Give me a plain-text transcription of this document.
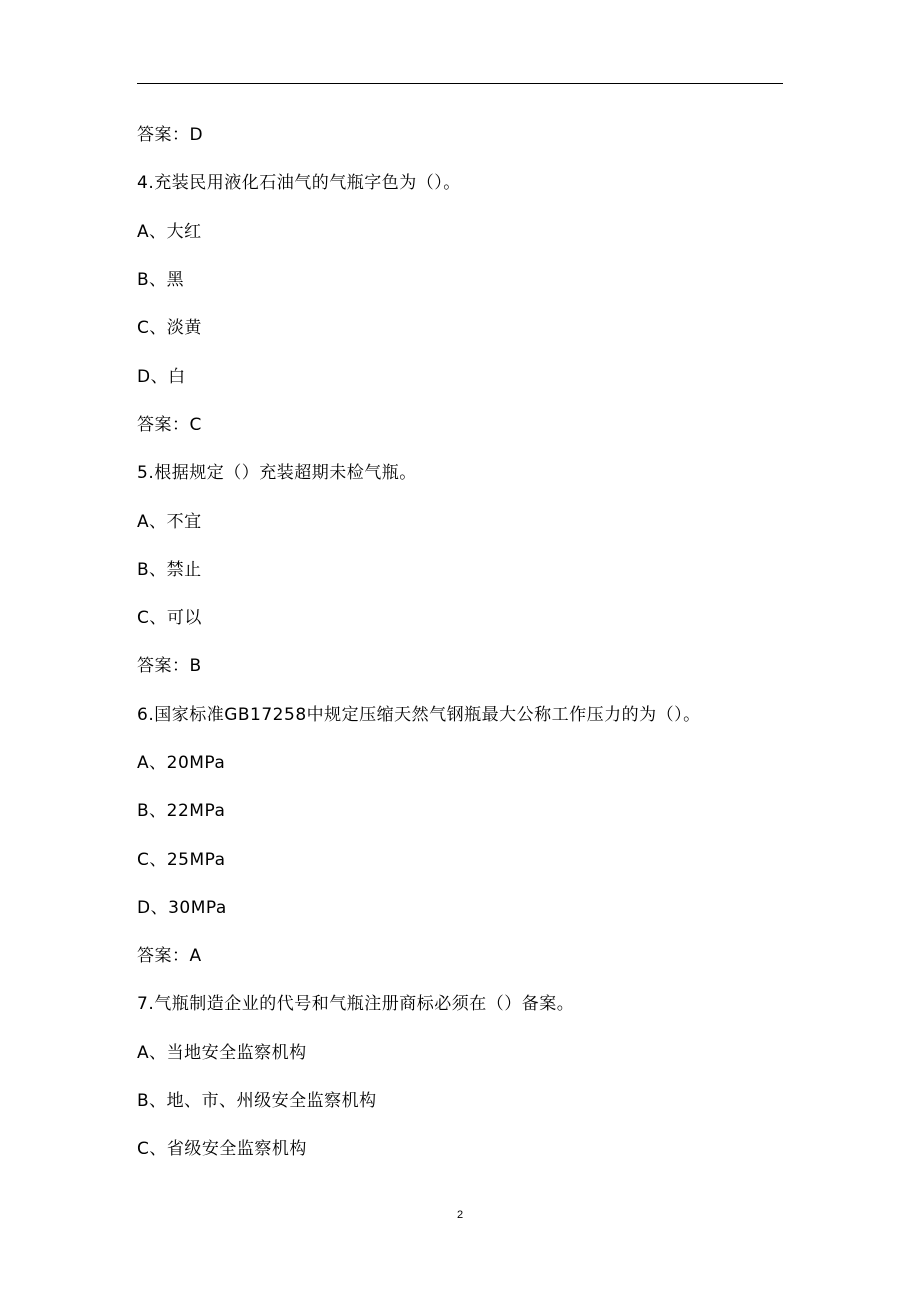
答案：D
4.充装民用液化石油气的气瓶字色为（）。
A、大红
B、黑
C、淡黄
D、白
答案：C
5.根据规定（）充装超期未检气瓶。
A、不宜
B、禁止
C、可以
答案：B
6.国家标准GB17258中规定压缩天然气钢瓶最大公称工作压力的为（）。
A、20MPa
B、22MPa
C、25MPa
D、30MPa
答案：A
7.气瓶制造企业的代号和气瓶注册商标必须在（）备案。
A、当地安全监察机构
B、地、市、州级安全监察机构
C、省级安全监察机构
2
